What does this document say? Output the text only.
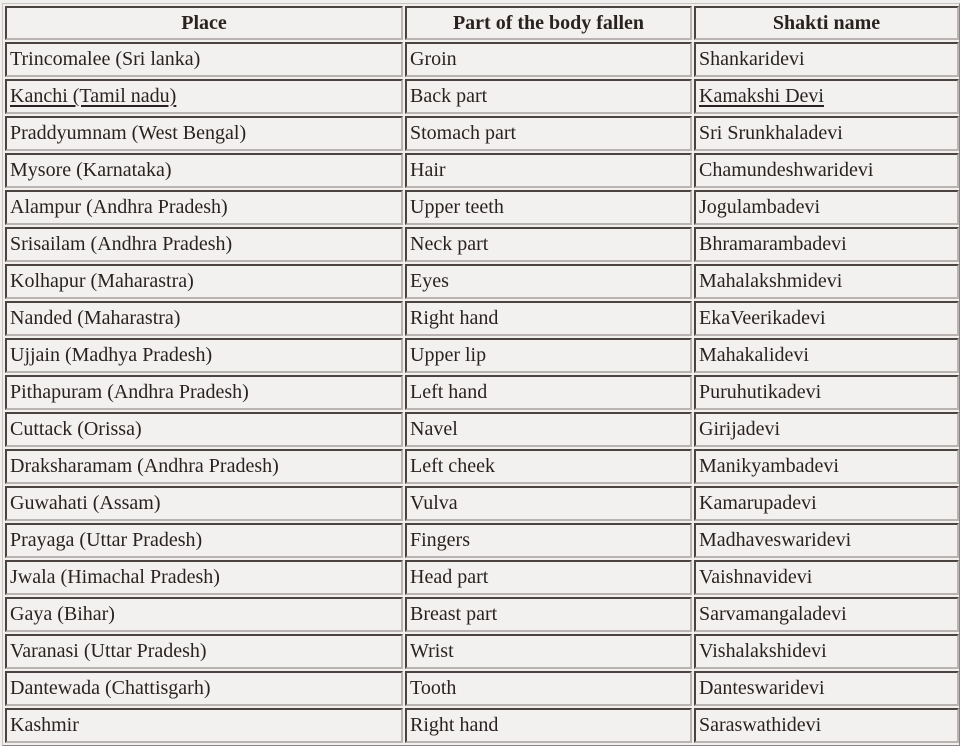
Place	Part of the body fallen	Shakti name
Trincomalee (Sri lanka)	Groin	Shankaridevi
Kanchi (Tamil nadu)	Back part	Kamakshi Devi
Praddyumnam (West Bengal)	Stomach part	Sri Srunkhaladevi
Mysore (Karnataka)	Hair	Chamundeshwaridevi
Alampur (Andhra Pradesh)	Upper teeth	Jogulambadevi
Srisailam (Andhra Pradesh)	Neck part	Bhramarambadevi
Kolhapur (Maharastra)	Eyes	Mahalakshmidevi
Nanded (Maharastra)	Right hand	EkaVeerikadevi
Ujjain (Madhya Pradesh)	Upper lip	Mahakalidevi
Pithapuram (Andhra Pradesh)	Left hand	Puruhutikadevi
Cuttack (Orissa)	Navel	Girijadevi
Draksharamam (Andhra Pradesh)	Left cheek	Manikyambadevi
Guwahati (Assam)	Vulva	Kamarupadevi
Prayaga (Uttar Pradesh)	Fingers	Madhaveswaridevi
Jwala (Himachal Pradesh)	Head part	Vaishnavidevi
Gaya (Bihar)	Breast part	Sarvamangaladevi
Varanasi (Uttar Pradesh)	Wrist	Vishalakshidevi
Dantewada (Chattisgarh)	Tooth	Danteswaridevi
Kashmir	Right hand	Saraswathidevi
